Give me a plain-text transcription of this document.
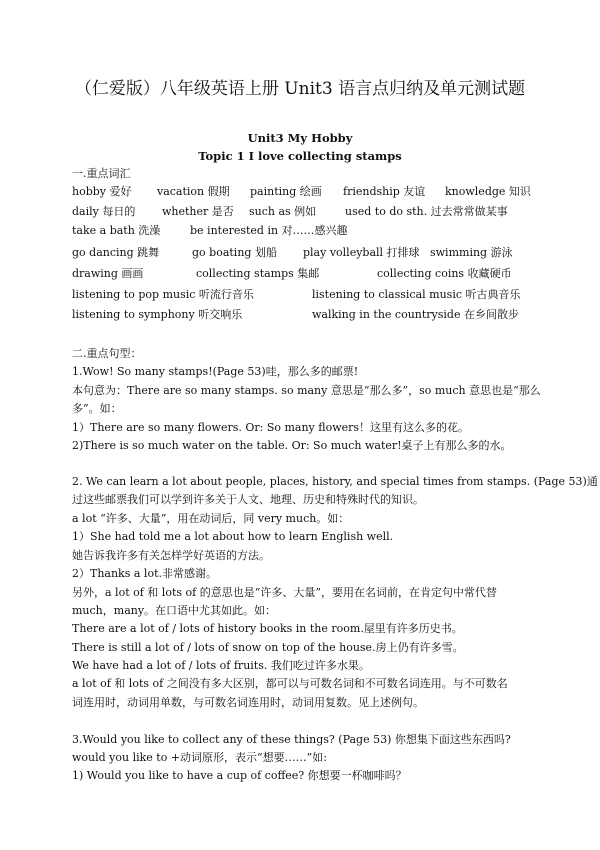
（仁爱版）八年级英语上册 Unit3 语言点归纳及单元测试题
Unit3 My Hobby
Topic 1 I love collecting stamps
一.重点词汇
hobby 爱好 vacation 假期 painting 绘画 friendship 友谊 knowledge 知识
daily 每日的 whether 是否 such as 例如	used to do sth. 过去常常做某事
take a bath 洗澡	be interested in 对……感兴趣
go dancing 跳舞	go boating 划船 play volleyball 打排球 swimming 游泳
drawing 画画	collecting stamps 集邮	collecting coins 收藏硬币
listening to pop music 听流行音乐	listening to classical music 听古典音乐
listening to symphony 听交响乐	walking in the countryside 在乡间散步
二.重点句型：
1.Wow! So many stamps!(Page 53)哇，那么多的邮票!
本句意为：There are so many stamps. so many 意思是“那么多”，so much 意思也是“那么
多”。如：
1）There are so many flowers. Or: So many flowers！这里有这么多的花。
2)There is so much water on the table. Or: So much water!桌子上有那么多的水。
2. We can learn a lot about people, places, history, and special times from stamps. (Page 53)通
过这些邮票我们可以学到许多关于人文、地理、历史和特殊时代的知识。
a lot “许多、大量”，用在动词后，同 very much。如：
1）She had told me a lot about how to learn English well.
她告诉我许多有关怎样学好英语的方法。
2）Thanks a lot.非常感谢。
另外，a lot of 和 lots of 的意思也是“许多、大量”，要用在名词前，在肯定句中常代替
much，many。在口语中尤其如此。如：
There are a lot of / lots of history books in the room.屋里有许多历史书。
There is still a lot of / lots of snow on top of the house.房上仍有许多雪。
We have had a lot of / lots of fruits. 我们吃过许多水果。
a lot of 和 lots of 之间没有多大区别，都可以与可数名词和不可数名词连用。与不可数名
词连用时，动词用单数，与可数名词连用时，动词用复数。见上述例句。
3.Would you like to collect any of these things? (Page 53) 你想集下面这些东西吗?
would you like to +动词原形，表示“想要……”如:
1) Would you like to have a cup of coffee? 你想要一杯咖啡吗？
